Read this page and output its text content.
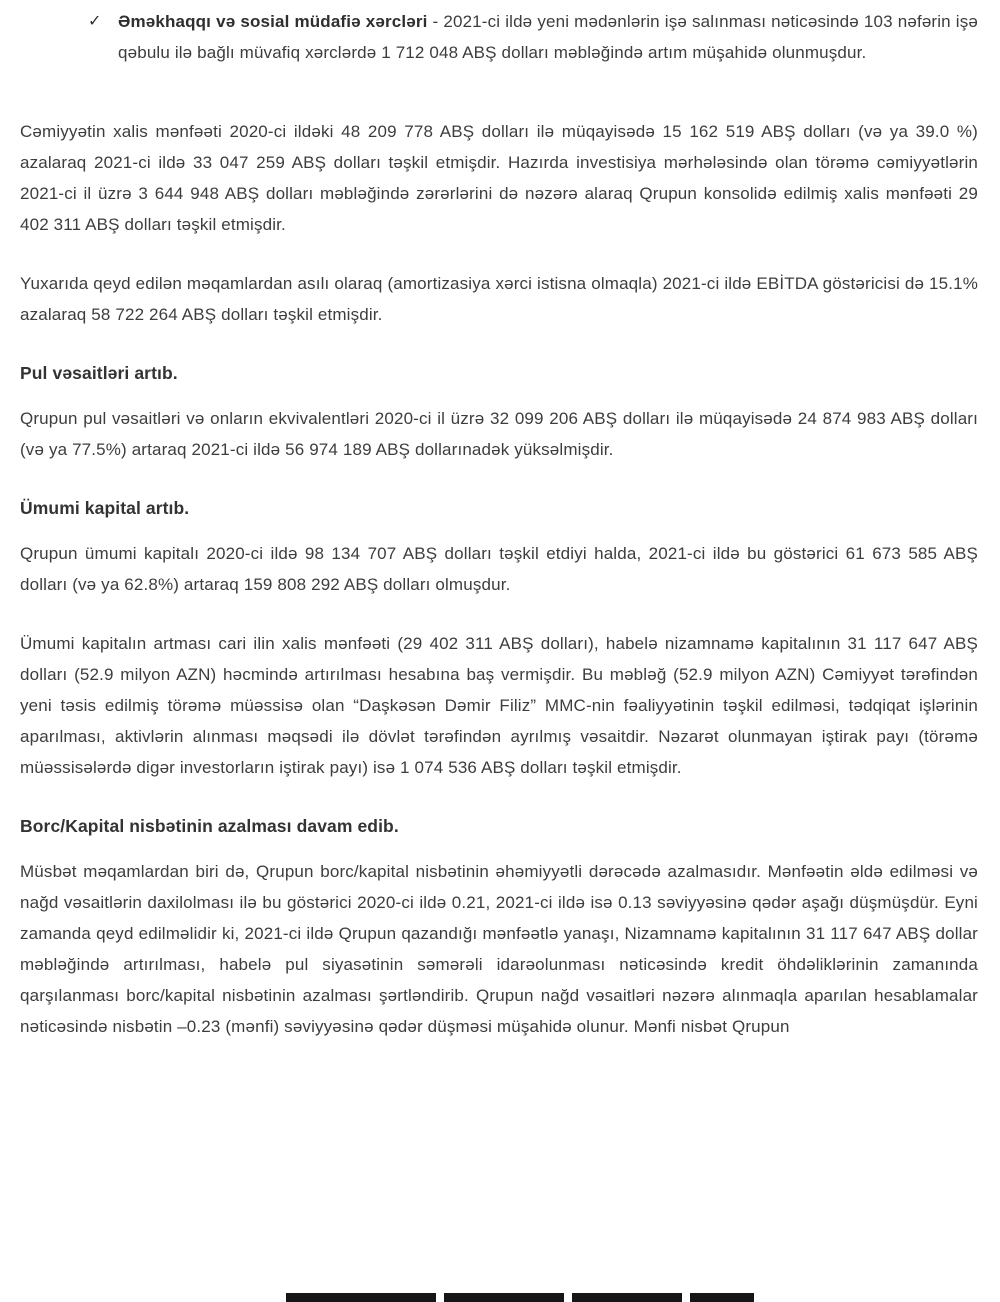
✓ Əməkhaqqı və sosial müdafiə xərcləri - 2021-ci ildə yeni mədənlərin işə salınması nəticəsində 103 nəfərin işə qəbulu ilə bağlı müvafiq xərclərdə 1 712 048 ABŞ dolları məbləğində artım müşahidə olunmuşdur.

Cəmiyyətin xalis mənfəəti 2020-ci ildəki 48 209 778 ABŞ dolları ilə müqayisədə 15 162 519 ABŞ dolları (və ya 39.0 %) azalaraq 2021-ci ildə 33 047 259 ABŞ dolları təşkil etmişdir. Hazırda investisiya mərhələsində olan törəmə cəmiyyətlərin 2021-ci il üzrə 3 644 948 ABŞ dolları məbləğində zərərlərini də nəzərə alaraq Qrupun konsolidə edilmiş xalis mənfəəti 29 402 311 ABŞ dolları təşkil etmişdir.

Yuxarıda qeyd edilən məqamlardan asılı olaraq (amortizasiya xərci istisna olmaqla) 2021-ci ildə EBİTDA göstəricisi də 15.1% azalaraq 58 722 264 ABŞ dolları təşkil etmişdir.

Pul vəsaitləri artıb.

Qrupun pul vəsaitləri və onların ekvivalentləri 2020-ci il üzrə 32 099 206 ABŞ dolları ilə müqayisədə 24 874 983 ABŞ dolları (və ya 77.5%) artaraq 2021-ci ildə 56 974 189 ABŞ dollarınadək yüksəlmişdir.

Ümumi kapital artıb.

Qrupun ümumi kapitalı 2020-ci ildə 98 134 707 ABŞ dolları təşkil etdiyi halda, 2021-ci ildə bu göstərici 61 673 585 ABŞ dolları (və ya 62.8%) artaraq 159 808 292 ABŞ dolları olmuşdur.

Ümumi kapitalın artması cari ilin xalis mənfəəti (29 402 311 ABŞ dolları), habelə nizamnamə kapitalının 31 117 647 ABŞ dolları (52.9 milyon AZN) həcmində artırılması hesabına baş vermişdir. Bu məbləğ (52.9 milyon AZN) Cəmiyyət tərəfindən yeni təsis edilmiş törəmə müəssisə olan “Daşkəsən Dəmir Filiz” MMC-nin fəaliyyətinin təşkil edilməsi, tədqiqat işlərinin aparılması, aktivlərin alınması məqsədi ilə dövlət tərəfindən ayrılmış vəsaitdir. Nəzarət olunmayan iştirak payı (törəmə müəssisələrdə digər investorların iştirak payı) isə 1 074 536 ABŞ dolları təşkil etmişdir.

Borc/Kapital nisbətinin azalması davam edib.

Müsbət məqamlardan biri də, Qrupun borc/kapital nisbətinin əhəmiyyətli dərəcədə azalmasıdır. Mənfəətin əldə edilməsi və nağd vəsaitlərin daxilolması ilə bu göstərici 2020-ci ildə 0.21, 2021-ci ildə isə 0.13 səviyyəsinə qədər aşağı düşmüşdür. Eyni zamanda qeyd edilməlidir ki, 2021-ci ildə Qrupun qazandığı mənfəətlə yanaşı, Nizamnamə kapitalının 31 117 647 ABŞ dollar məbləğində artırılması, habelə pul siyasətinin səmərəli idarəolunması nəticəsində kredit öhdəliklərinin zamanında qarşılanması borc/kapital nisbətinin azalması şərtləndirib. Qrupun nağd vəsaitləri nəzərə alınmaqla aparılan hesablamalar nəticəsində nisbətin –0.23 (mənfi) səviyyəsinə qədər düşməsi müşahidə olunur. Mənfi nisbət Qrupun
